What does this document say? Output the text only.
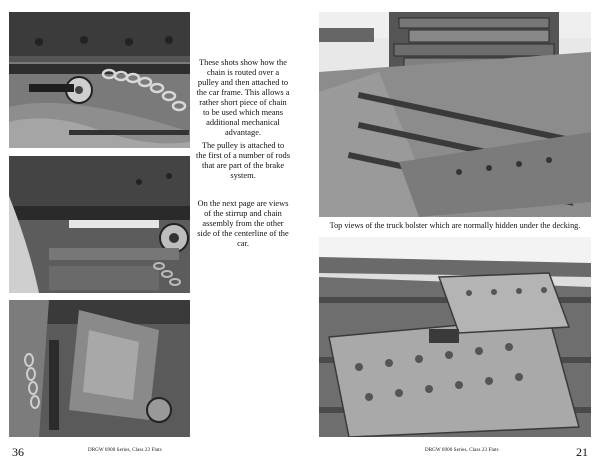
These shots show how the chain is routed over a pulley and then attached to the car frame. This allows a rather short piece of chain to be used which means additional mechanical advantage.
The pulley is attached to the first of a number of rods that are part of the brake system.
On the next page are views of the stirrup and chain assembly from the other side of the centerline of the car.
36	DRGW 6900 Series, Class 23 Flats
Top views of the truck bolster which are normally hidden under the decking.
DRGW 6900 Series, Class 23 Flats	21
